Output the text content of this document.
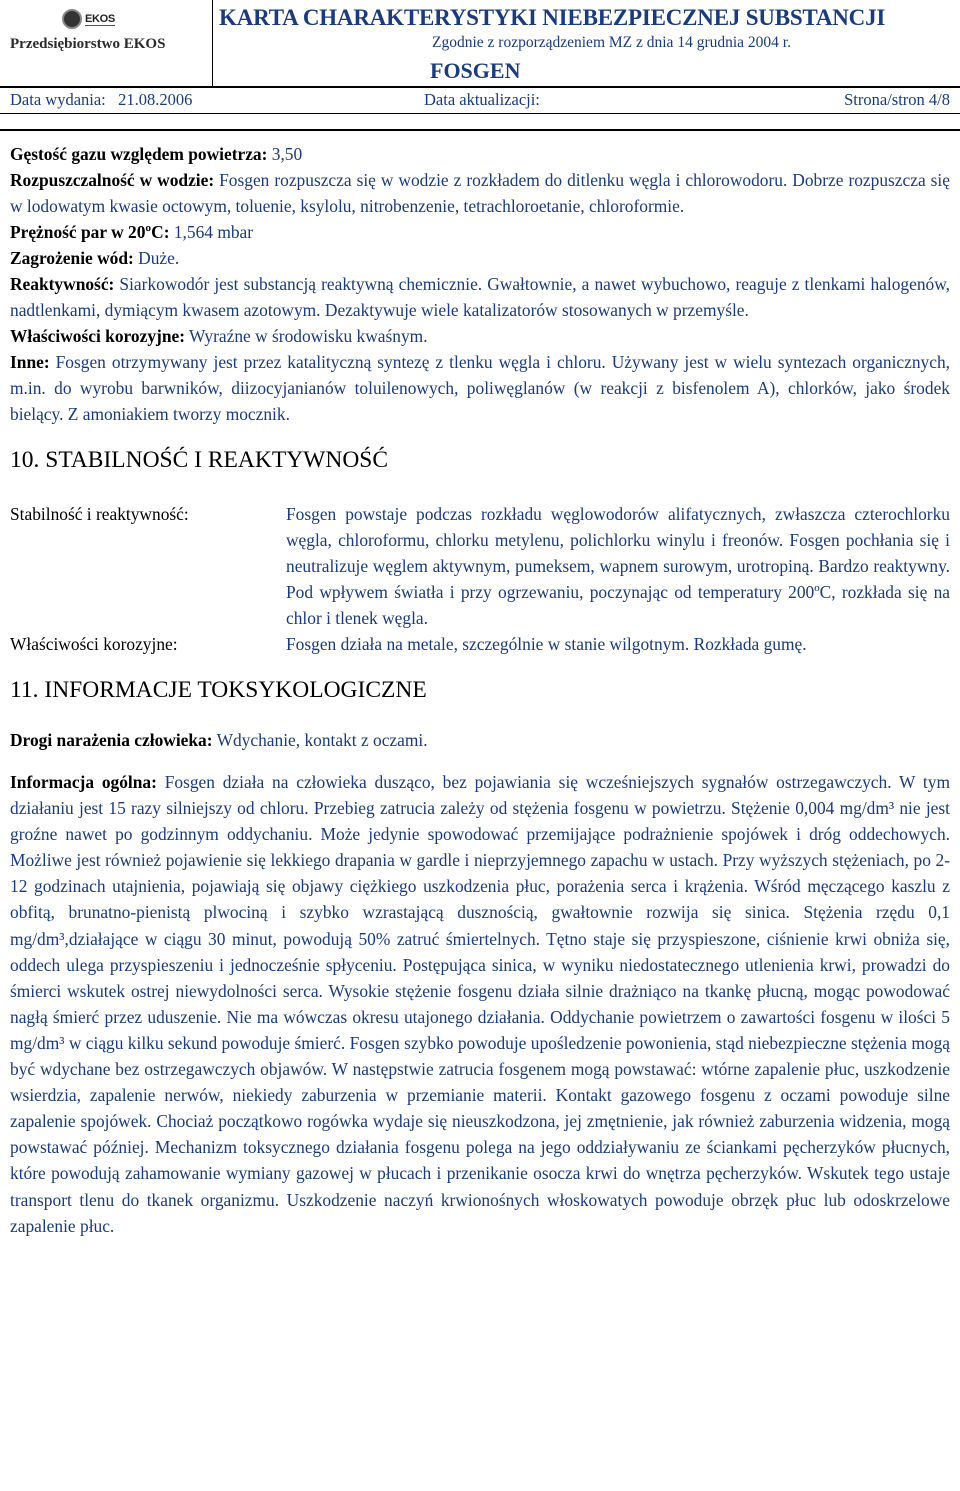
EKOS
Przedsiębiorstwo EKOS
KARTA CHARAKTERYSTYKI NIEBEZPIECZNEJ SUBSTANCJI
Zgodnie z rozporządzeniem MZ z dnia 14 grudnia 2004 r.
FOSGEN
Data wydania:   21.08.2006	Data aktualizacji:	Strona/stron 4/8

Gęstość gazu względem powietrza: 3,50

Rozpuszczalność w wodzie: Fosgen rozpuszcza się w wodzie z rozkładem do ditlenku węgla i chlorowodoru. Dobrze rozpuszcza się w lodowatym kwasie octowym, toluenie, ksylolu, nitrobenzenie, tetrachloroetanie, chloroformie.

Prężność par w 20ºC: 1,564 mbar

Zagrożenie wód: Duże.

Reaktywność: Siarkowodór jest substancją reaktywną chemicznie. Gwałtownie, a nawet wybuchowo, reaguje z tlenkami halogenów, nadtlenkami, dymiącym kwasem azotowym. Dezaktywuje wiele katalizatorów stosowanych w przemyśle.

Właściwości korozyjne: Wyraźne w środowisku kwaśnym.

Inne: Fosgen otrzymywany jest przez katalityczną syntezę z tlenku węgla i chloru. Używany jest w wielu syntezach organicznych, m.in. do wyrobu barwników, diizocyjanianów toluilenowych, poliwęglanów (w reakcji z bisfenolem A), chlorków, jako środek bielący. Z amoniakiem tworzy mocznik.

10. STABILNOŚĆ I REAKTYWNOŚĆ

Stabilność i reaktywność:	Fosgen powstaje podczas rozkładu węglowodorów alifatycznych, zwłaszcza czterochlorku węgla, chloroformu, chlorku metylenu, polichlorku winylu i freonów. Fosgen pochłania się i neutralizuje węglem aktywnym, pumeksem, wapnem surowym, urotropiną. Bardzo reaktywny. Pod wpływem światła i przy ogrzewaniu, poczynając od temperatury 200ºC, rozkłada się na chlor i tlenek węgla.
Właściwości korozyjne:	Fosgen działa na metale, szczególnie w stanie wilgotnym. Rozkłada gumę.

11. INFORMACJE TOKSYKOLOGICZNE

Drogi narażenia człowieka: Wdychanie, kontakt z oczami.

Informacja ogólna: Fosgen działa na człowieka dusząco, bez pojawiania się wcześniejszych sygnałów ostrzegawczych. W tym działaniu jest 15 razy silniejszy od chloru. Przebieg zatrucia zależy od stężenia fosgenu w powietrzu. Stężenie 0,004 mg/dm³ nie jest groźne nawet po godzinnym oddychaniu. Może jedynie spowodować przemijające podrażnienie spojówek i dróg oddechowych. Możliwe jest również pojawienie się lekkiego drapania w gardle i nieprzyjemnego zapachu w ustach. Przy wyższych stężeniach, po 2-12 godzinach utajnienia, pojawiają się objawy ciężkiego uszkodzenia płuc, porażenia serca i krążenia. Wśród męczącego kaszlu z obfitą, brunatno-pienistą plwociną i szybko wzrastającą dusznością, gwałtownie rozwija się sinica. Stężenia rzędu 0,1 mg/dm³,działające w ciągu 30 minut, powodują 50% zatruć śmiertelnych. Tętno staje się przyspieszone, ciśnienie krwi obniża się, oddech ulega przyspieszeniu i jednocześnie spłyceniu. Postępująca sinica, w wyniku niedostatecznego utlenienia krwi, prowadzi do śmierci wskutek ostrej niewydolności serca. Wysokie stężenie fosgenu działa silnie drażniąco na tkankę płucną, mogąc powodować nagłą śmierć przez uduszenie. Nie ma wówczas okresu utajonego działania. Oddychanie powietrzem o zawartości fosgenu w ilości 5 mg/dm³ w ciągu kilku sekund powoduje śmierć. Fosgen szybko powoduje upośledzenie powonienia, stąd niebezpieczne stężenia mogą być wdychane bez ostrzegawczych objawów. W następstwie zatrucia fosgenem mogą powstawać: wtórne zapalenie płuc, uszkodzenie wsierdzia, zapalenie nerwów, niekiedy zaburzenia w przemianie materii. Kontakt gazowego fosgenu z oczami powoduje silne zapalenie spojówek. Chociaż początkowo rogówka wydaje się nieuszkodzona, jej zmętnienie, jak również zaburzenia widzenia, mogą powstawać później. Mechanizm toksycznego działania fosgenu polega na jego oddziaływaniu ze ściankami pęcherzyków płucnych, które powodują zahamowanie wymiany gazowej w płucach i przenikanie osocza krwi do wnętrza pęcherzyków. Wskutek tego ustaje transport tlenu do tkanek organizmu. Uszkodzenie naczyń krwionośnych włoskowatych powoduje obrzęk płuc lub odoskrzelowe zapalenie płuc.
